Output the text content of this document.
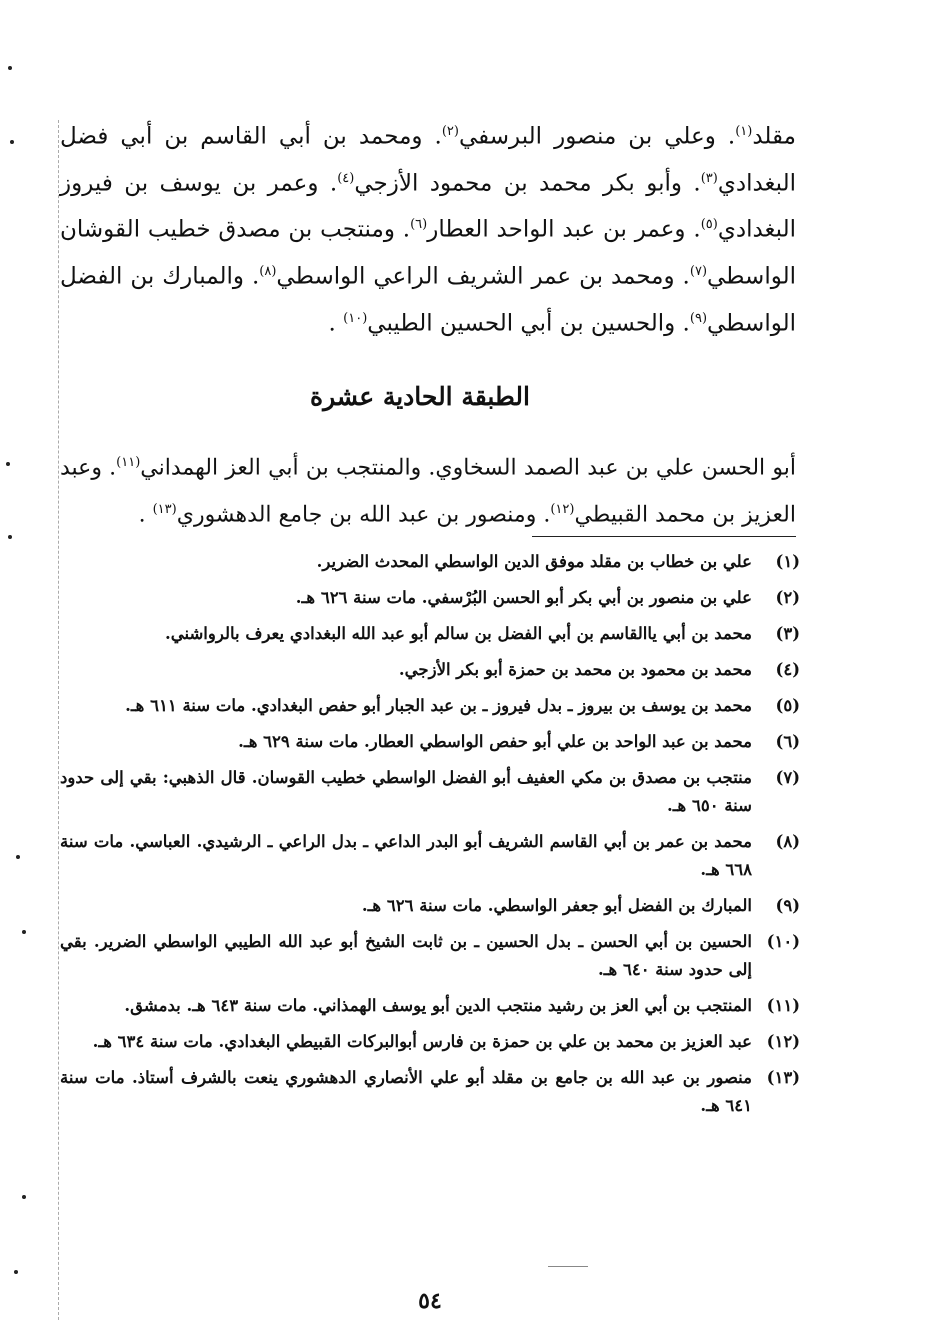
مقلد$^{(١)}$. وعلي بن منصور البرسفي$^{(٢)}$. ومحمد بن أبي القاسم بن أبي فضل البغدادي$^{(٣)}$. وأبو بكر محمد بن محمود الأزجي$^{(٤)}$. وعمر بن يوسف بن فيروز البغدادي$^{(٥)}$. وعمر بن عبد الواحد العطار$^{(٦)}$. ومنتجب بن مصدق خطيب القوشان الواسطي$^{(٧)}$. ومحمد بن عمر الشريف الراعي الواسطي$^{(٨)}$. والمبارك بن الفضل الواسطي$^{(٩)}$. والحسين بن أبي الحسين الطيبي$^{(١٠)}$ .

الطبقة الحادية عشرة

أبو الحسن علي بن عبد الصمد السخاوي. والمنتجب بن أبي العز الهمداني$^{(١١)}$. وعبد العزيز بن محمد القبيطي$^{(١٢)}$. ومنصور بن عبد الله بن جامع الدهشوري$^{(١٣)}$ .

(١)
علي بن خطاب بن مقلد موفق الدين الواسطي المحدث الضرير.
(٢)
علي بن منصور بن أبي بكر أبو الحسن البُرْسفي. مات سنة ٦٢٦ هـ.
(٣)
محمد بن أبي ياالقاسم بن أبي الفضل بن سالم أبو عبد الله البغدادي يعرف بالرواشني.
(٤)
محمد بن محمود بن محمد بن حمزة أبو بكر الأزجي.
(٥)
محمد بن يوسف بن بيروز ـ بدل فيروز ـ بن عبد الجبار أبو حفص البغدادي. مات سنة ٦١١ هـ.
(٦)
محمد بن عبد الواحد بن علي أبو حفص الواسطي العطار. مات سنة ٦٢٩ هـ.
(٧)
منتجب بن مصدق بن مكي العفيف أبو الفضل الواسطي خطيب القوسان. قال الذهبي: بقي إلى حدود سنة ٦٥٠ هـ.
(٨)
محمد بن عمر بن أبي القاسم الشريف أبو البدر الداعي ـ بدل الراعي ـ الرشيدي. العباسي. مات سنة ٦٦٨ هـ.
(٩)
المبارك بن الفضل أبو جعفر الواسطي. مات سنة ٦٢٦ هـ.
(١٠)
الحسين بن أبي الحسن ـ بدل الحسين ـ بن ثابت الشيخ أبو عبد الله الطيبي الواسطي الضرير. بقي إلى حدود سنة ٦٤٠ هـ.
(١١)
المنتجب بن أبي العز بن رشيد منتجب الدين أبو يوسف الهمذاني. مات سنة ٦٤٣ هـ. بدمشق.
(١٢)
عبد العزيز بن محمد بن علي بن حمزة بن فارس أبوالبركات القبيطي البغدادي. مات سنة ٦٣٤ هـ.
(١٣)
منصور بن عبد الله بن جامع بن مقلد أبو علي الأنصاري الدهشوري ينعت بالشرف أستاذ. مات سنة ٦٤١ هـ.
٥٤
